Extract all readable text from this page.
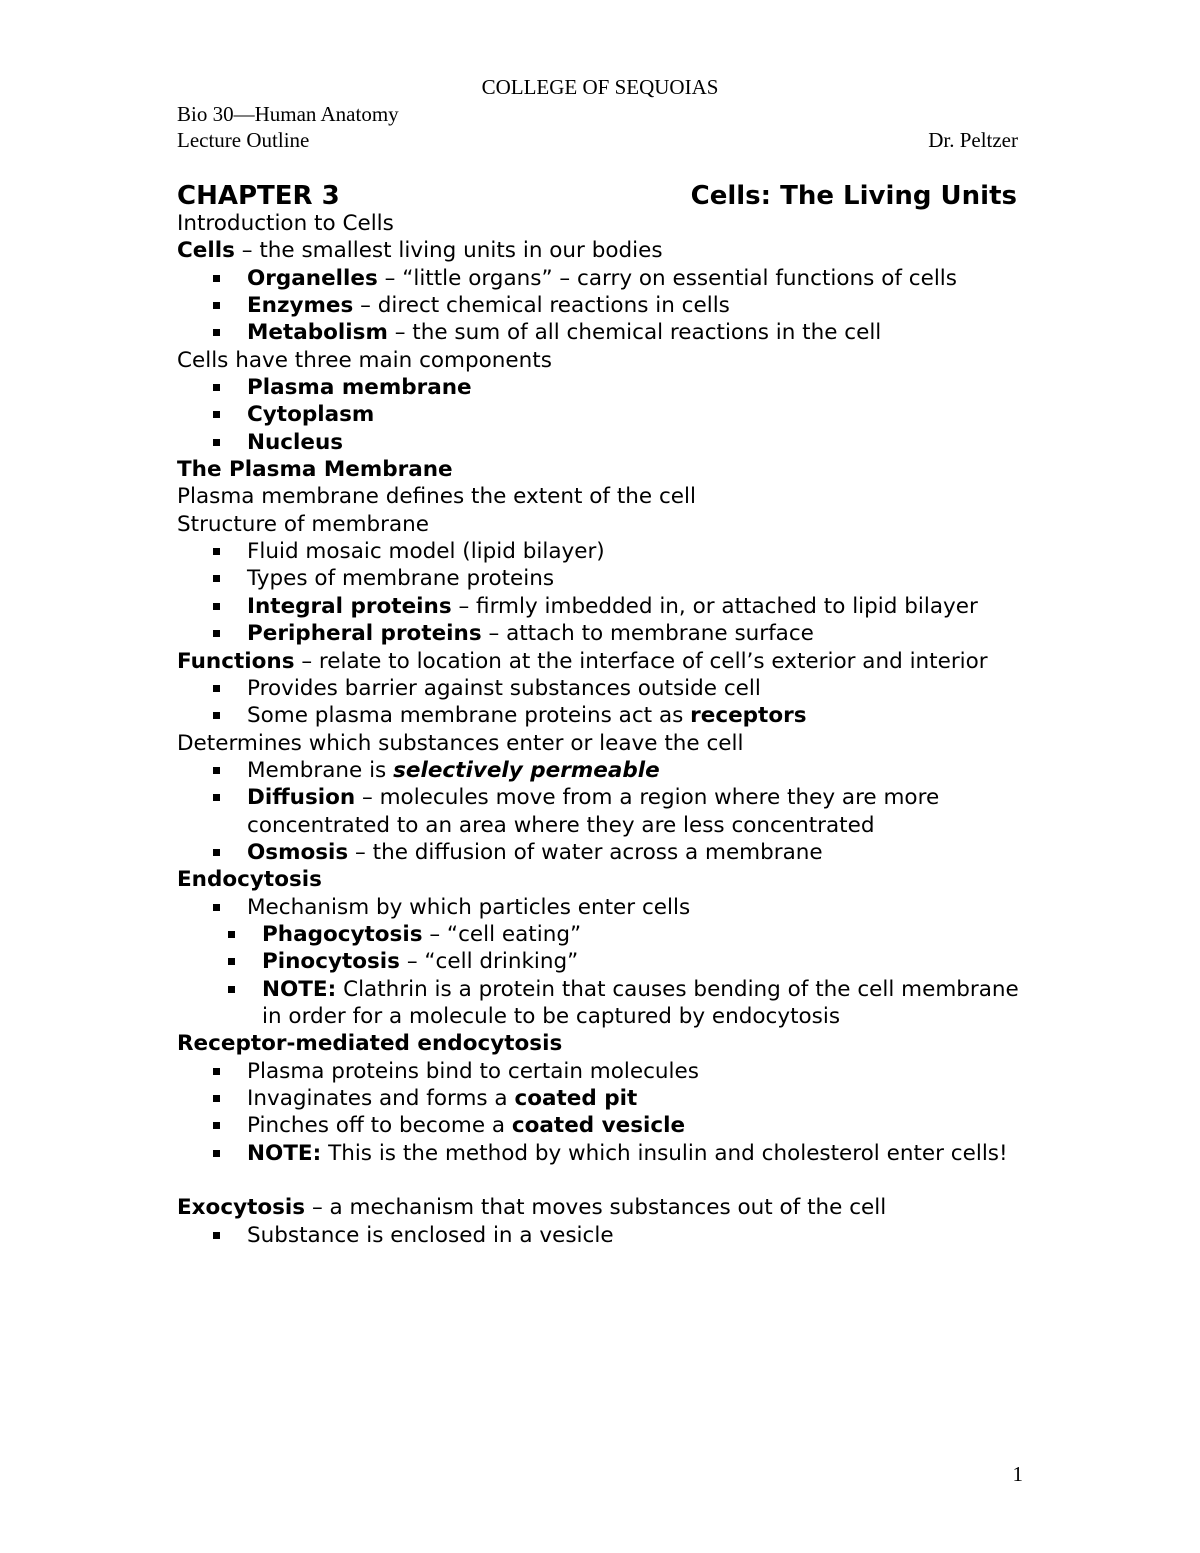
COLLEGE OF SEQUOIAS
Bio 30—Human Anatomy
Lecture Outline	Dr. Peltzer
CHAPTER 3	Cells: The Living Units
Introduction to Cells
Cells – the smallest living units in our bodies
Organelles – “little organs” – carry on essential functions of cells
Enzymes – direct chemical reactions in cells
Metabolism – the sum of all chemical reactions in the cell
Cells have three main components
Plasma membrane
Cytoplasm
Nucleus
The Plasma Membrane
Plasma membrane defines the extent of the cell
Structure of membrane
Fluid mosaic model (lipid bilayer)
Types of membrane proteins
Integral proteins – firmly imbedded in, or attached to lipid bilayer
Peripheral proteins – attach to membrane surface
Functions – relate to location at the interface of cell’s exterior and interior
Provides barrier against substances outside cell
Some plasma membrane proteins act as receptors
Determines which substances enter or leave the cell
Membrane is selectively permeable
Diffusion – molecules move from a region where they are more concentrated to an area where they are less concentrated
Osmosis – the diffusion of water across a membrane
Endocytosis
Mechanism by which particles enter cells
Phagocytosis – “cell eating”
Pinocytosis – “cell drinking”
NOTE: Clathrin is a protein that causes bending of the cell membrane in order for a molecule to be captured by endocytosis
Receptor-mediated endocytosis
Plasma proteins bind to certain molecules
Invaginates and forms a coated pit
Pinches off to become a coated vesicle
NOTE: This is the method by which insulin and cholesterol enter cells!
Exocytosis – a mechanism that moves substances out of the cell
Substance is enclosed in a vesicle
1
